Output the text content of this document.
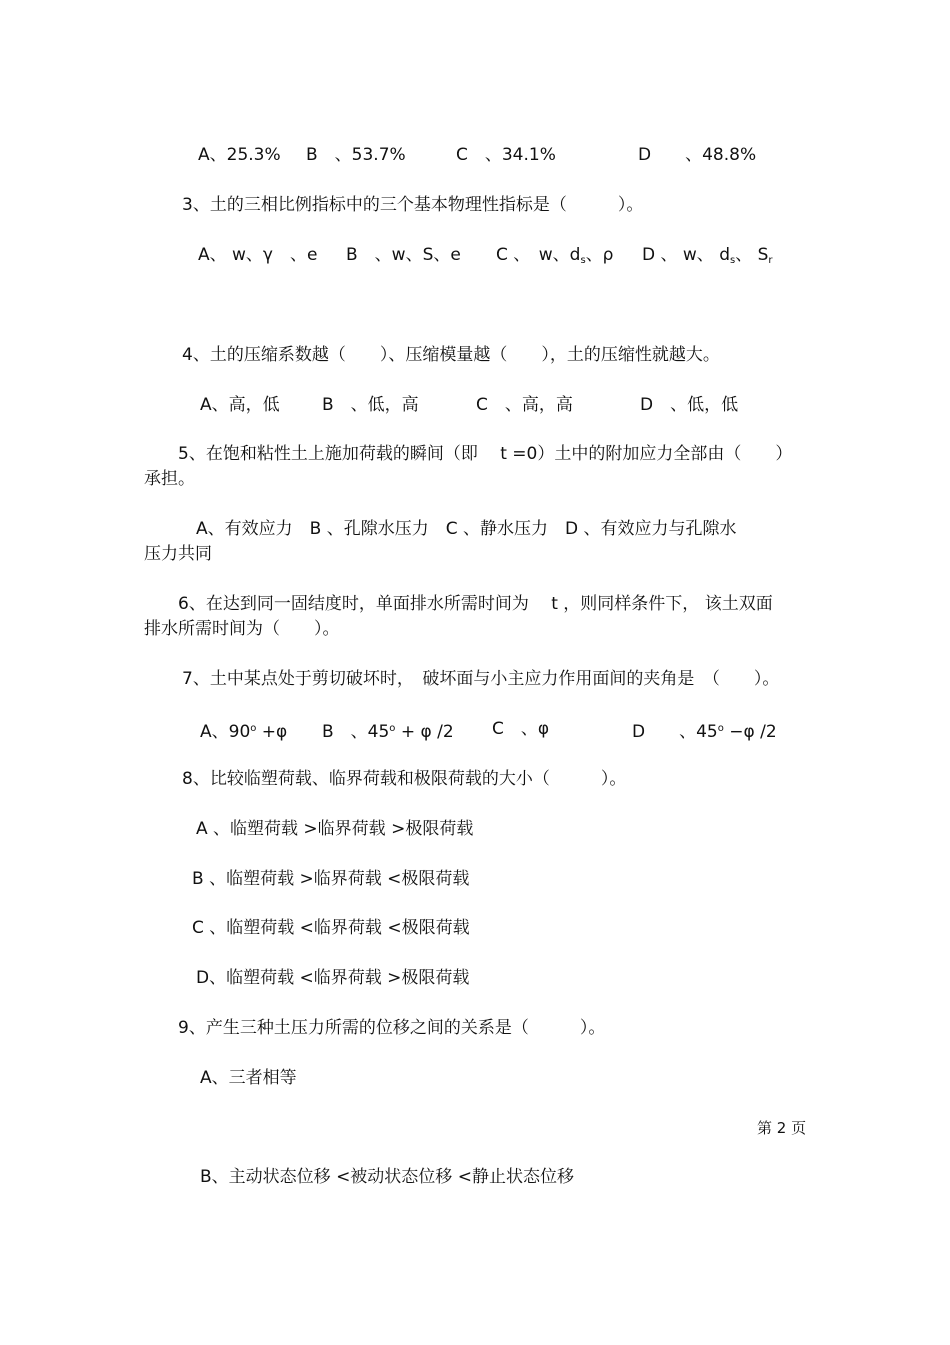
A、25.3% B　、53.7%	C　、34.1%	D　　、48.8%

3、土的三相比例指标中的三个基本物理性指标是（　　　）。

A、 w、γ　、e B　、w、S、e C 、　w、$d_s$、ρ D 、 w、 $d_s$、 $S_r$

4、土的压缩系数越（　　）、压缩模量越（　　），土的压缩性就越大。

A、高，低 B　、低，高	C　、高，高	D　、低，低

5、在饱和粘性土上施加荷载的瞬间（即　 t =0）土中的附加应力全部由（　　）

承担。

A、有效应力　B 、孔隙水压力　C 、静水压力　D 、有效应力与孔隙水

压力共同

6、在达到同一固结度时，单面排水所需时间为　 t ，则同样条件下， 该土双面

排水所需时间为（　　）。

7、土中某点处于剪切破坏时，　破坏面与小主应力作用面间的夹角是　（　　）。

A、$90^o +\varphi$ B　、$45^o + \varphi$ /2 C　、φ	D　　、$45^o -\varphi$ /2

8、比较临塑荷载、临界荷载和极限荷载的大小（　　　）。

A 、临塑荷载 >临界荷载 >极限荷载

B 、临塑荷载 >临界荷载 <极限荷载

C 、临塑荷载 <临界荷载 <极限荷载

D、临塑荷载 <临界荷载 >极限荷载

9、产生三种土压力所需的位移之间的关系是（　　　）。

A、三者相等

第 2 页

B、主动状态位移 <被动状态位移 <静止状态位移
